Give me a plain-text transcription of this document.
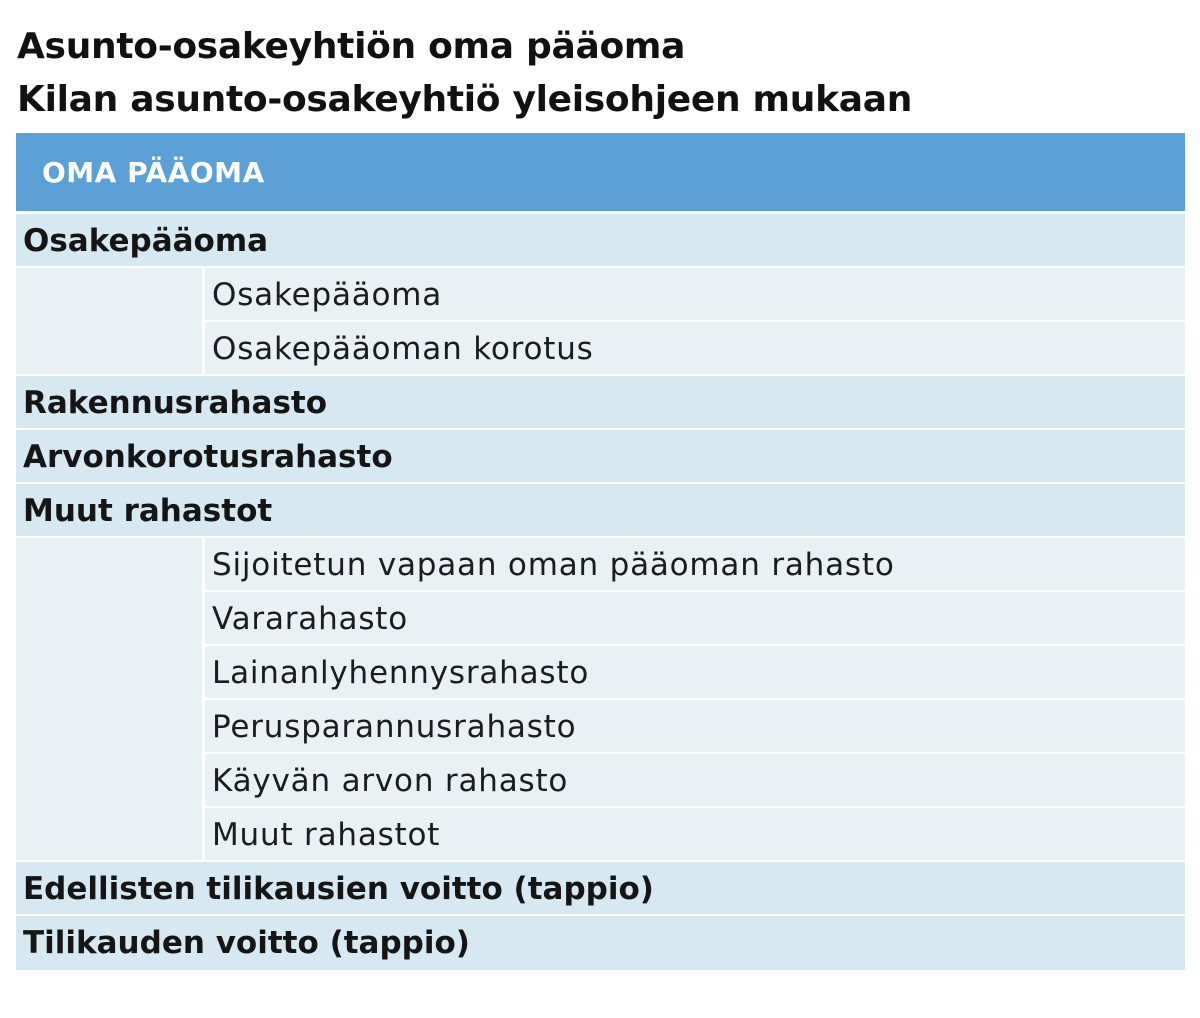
Asunto-osakeyhtiön oma pääoma
Kilan asunto-osakeyhtiö yleisohjeen mukaan
OMA PÄÄOMA
Osakepääoma
Osakepääoma
Osakepääoman korotus
Rakennusrahasto
Arvonkorotusrahasto
Muut rahastot
Sijoitetun vapaan oman pääoman rahasto
Vararahasto
Lainanlyhennysrahasto
Perusparannusrahasto
Käyvän arvon rahasto
Muut rahastot
Edellisten tilikausien voitto (tappio)
Tilikauden voitto (tappio)
